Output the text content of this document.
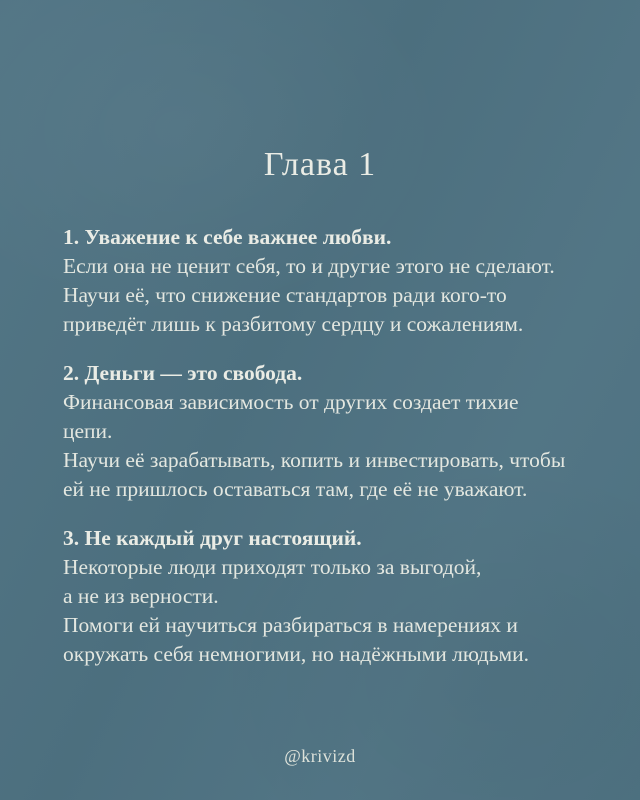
Глава 1
1. Уважение к себе важнее любви.
Если она не ценит себя, то и другие этого не сделают.
Научи её, что снижение стандартов ради кого-то
приведёт лишь к разбитому сердцу и сожалениям.
2. Деньги — это свобода.
Финансовая зависимость от других создает тихие
цепи.
Научи её зарабатывать, копить и инвестировать, чтобы
ей не пришлось оставаться там, где её не уважают.
3. Не каждый друг настоящий.
Некоторые люди приходят только за выгодой,
а не из верности.
Помоги ей научиться разбираться в намерениях и
окружать себя немногими, но надёжными людьми.
@krivizd
